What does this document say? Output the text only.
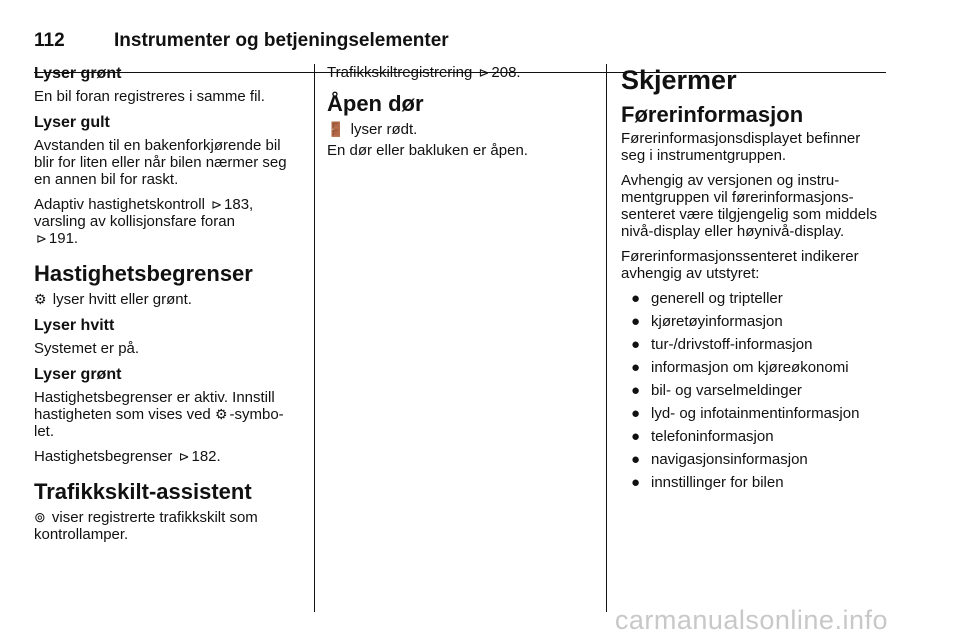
112	Instrumenter og betjeningselementer
Lyser grønt

En bil foran registreres i samme fil.

Lyser gult

Avstanden til en bakenforkjørende bil blir for liten eller når bilen nærmer seg en annen bil for raskt.

Adaptiv hastighetskontroll ⊳ 183,
varsling av kollisjonsfare foran
⊳ 191.

Hastighetsbegrenser

⚙ lyser hvitt eller grønt.

Lyser hvitt

Systemet er på.

Lyser grønt

Hastighetsbegrenser er aktiv. Innstill hastigheten som vises ved ⚙ -symbo-let.

Hastighetsbegrenser ⊳ 182.

Trafikkskilt-assistent

⊚ viser registrerte trafikkskilt som kontrollamper.

Trafikkskiltregistrering ⊳ 208.

Åpen dør

🚪 lyser rødt.

En dør eller bakluken er åpen.

Skjermer
Førerinformasjon

Førerinformasjonsdisplayet befinner seg i instrumentgruppen.

Avhengig av versjonen og instru-mentgruppen vil førerinformasjons-senteret være tilgjengelig som middels nivå-display eller høynivå-display.

Førerinformasjonssenteret indikerer avhengig av utstyret:

● generell og tripteller
● kjøretøyinformasjon
● tur-/drivstoff-informasjon
● informasjon om kjøreøkonomi
● bil- og varselmeldinger
● lyd- og infotainmentinformasjon
● telefoninformasjon
● navigasjonsinformasjon
● innstillinger for bilen
carmanualsonline.info
